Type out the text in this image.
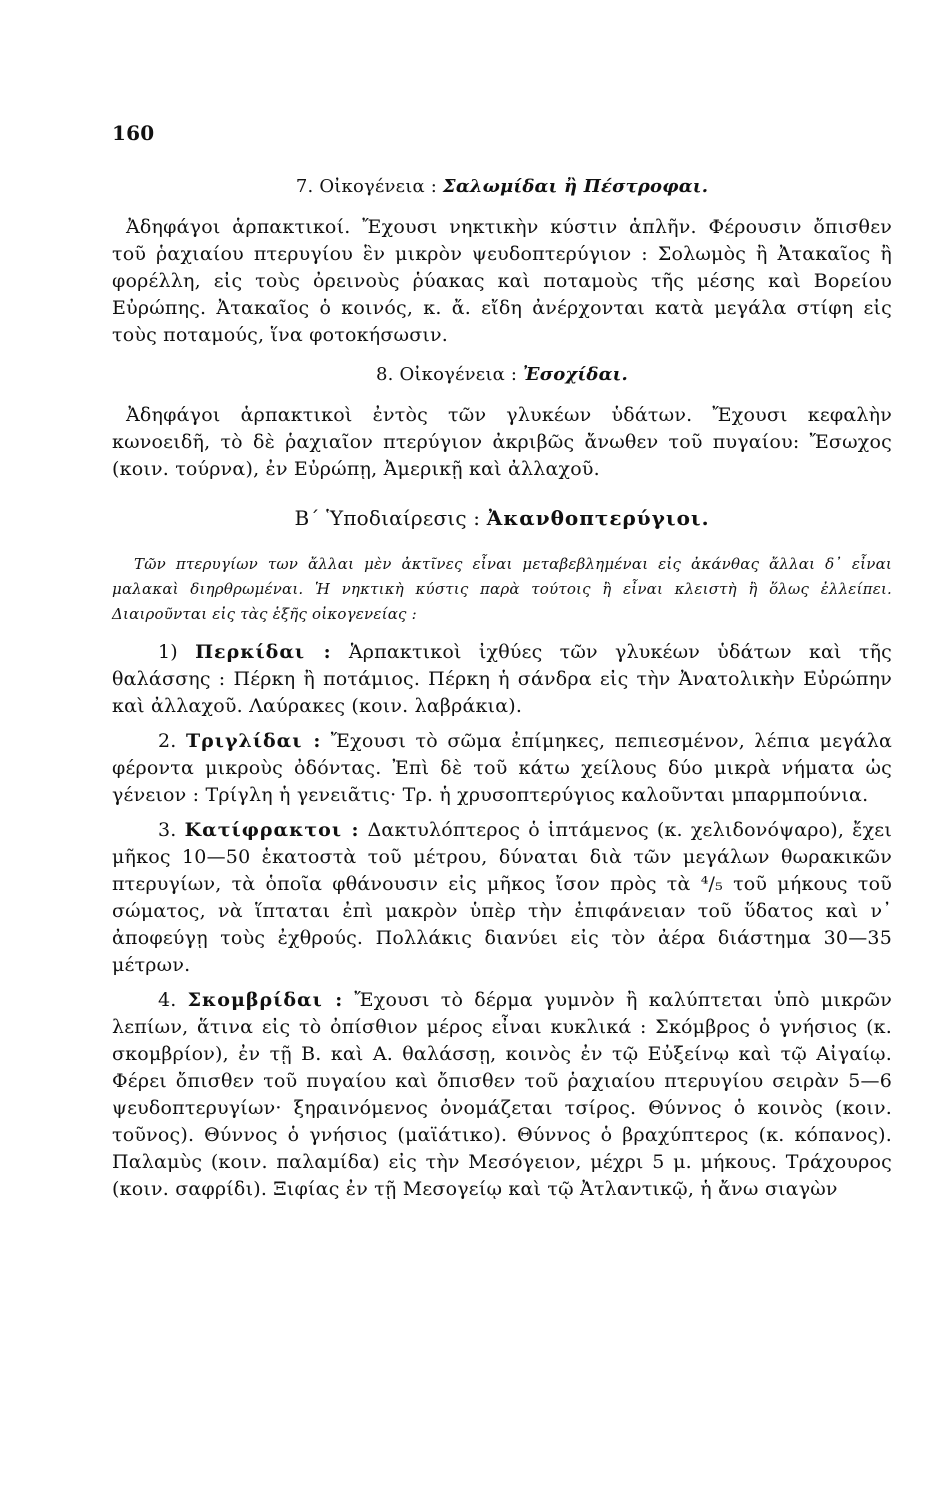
160
7. Οἰκογένεια : Σαλωμίδαι ἢ Πέστροφαι.

Ἀδηφάγοι ἁρπακτικοί. Ἔχουσι νηκτικὴν κύστιν ἁπλῆν. Φέρουσιν ὄπισθεν τοῦ ῥαχιαίου πτερυγίου ἓν μικρὸν ψευδοπτερύγιον : Σολωμὸς ἢ Ἀτακαῖος ἢ φορέλλη, εἰς τοὺς ὀρεινοὺς ῥύακας καὶ ποταμοὺς τῆς μέσης καὶ Βορείου Εὐρώπης. Ἀτακαῖος ὁ κοινός, κ. ἄ. εἴδη ἀνέρχονται κατὰ μεγάλα στίφη εἰς τοὺς ποταμούς, ἵνα φοτοκήσωσιν.

8. Οἰκογένεια : Ἐσοχίδαι.

Ἀδηφάγοι ἁρπακτικοὶ ἐντὸς τῶν γλυκέων ὑδάτων. Ἔχουσι κεφαλὴν κωνοειδῆ, τὸ δὲ ῥαχιαῖον πτερύγιον ἀκριβῶς ἄνωθεν τοῦ πυγαίου: Ἔσωχος (κοιν. τούρνα), ἐν Εὐρώπῃ, Ἀμερικῇ καὶ ἀλλαχοῦ.

Β΄ Ὑποδιαίρεσις : Ἀκανθοπτερύγιοι.

Τῶν πτερυγίων των ἄλλαι μὲν ἀκτῖνες εἶναι μεταβεβλημέναι εἰς ἀκάνθας ἄλλαι δ᾽ εἶναι μαλακαὶ διηρθρωμέναι. Ἡ νηκτικὴ κύστις παρὰ τούτοις ἢ εἶναι κλειστὴ ἢ ὅλως ἐλλείπει. Διαιροῦνται εἰς τὰς ἑξῆς οἰκογενείας :

1) Περκίδαι : Ἁρπακτικοὶ ἰχθύες τῶν γλυκέων ὑδάτων καὶ τῆς θαλάσσης : Πέρκη ἢ ποτάμιος. Πέρκη ἡ σάνδρα εἰς τὴν Ἀνατολικὴν Εὐρώπην καὶ ἀλλαχοῦ. Λαύρακες (κοιν. λαβράκια).

2. Τριγλίδαι : Ἔχουσι τὸ σῶμα ἐπίμηκες, πεπιεσμένον, λέπια μεγάλα φέροντα μικροὺς ὀδόντας. Ἐπὶ δὲ τοῦ κάτω χείλους δύο μικρὰ νήματα ὡς γένειον : Τρίγλη ἡ γενειᾶτις· Τρ. ἡ χρυσοπτερύγιος καλοῦνται μπαρμπούνια.

3. Κατίφρακτοι : Δακτυλόπτερος ὁ ἱπτάμενος (κ. χελιδονόψαρο), ἔχει μῆκος 10—50 ἑκατοστὰ τοῦ μέτρου, δύναται διὰ τῶν μεγάλων θωρακικῶν πτερυγίων, τὰ ὁποῖα φθάνουσιν εἰς μῆκος ἴσον πρὸς τὰ ⁴/₅ τοῦ μήκους τοῦ σώματος, νὰ ἵπταται ἐπὶ μακρὸν ὑπὲρ τὴν ἐπιφάνειαν τοῦ ὕδατος καὶ ν᾽ ἀποφεύγῃ τοὺς ἐχθρούς. Πολλάκις διανύει εἰς τὸν ἀέρα διάστημα 30—35 μέτρων.

4. Σκομβρίδαι : Ἔχουσι τὸ δέρμα γυμνὸν ἢ καλύπτεται ὑπὸ μικρῶν λεπίων, ἅτινα εἰς τὸ ὀπίσθιον μέρος εἶναι κυκλικά : Σκόμβρος ὁ γνήσιος (κ. σκομβρίον), ἐν τῇ Β. καὶ Α. θαλάσσῃ, κοινὸς ἐν τῷ Εὐξείνῳ καὶ τῷ Αἰγαίῳ. Φέρει ὄπισθεν τοῦ πυγαίου καὶ ὄπισθεν τοῦ ῥαχιαίου πτερυγίου σειρὰν 5—6 ψευδοπτερυγίων· ξηραινόμενος ὀνομάζεται τσίρος. Θύννος ὁ κοινὸς (κοιν. τοῦνος). Θύννος ὁ γνήσιος (μαϊάτικο). Θύννος ὁ βραχύπτερος (κ. κόπανος). Παλαμὺς (κοιν. παλαμίδα) εἰς τὴν Μεσόγειον, μέχρι 5 μ. μήκους. Τράχουρος (κοιν. σαφρίδι). Ξιφίας ἐν τῇ Μεσογείῳ καὶ τῷ Ἀτλαντικῷ, ἡ ἄνω σιαγὼν
